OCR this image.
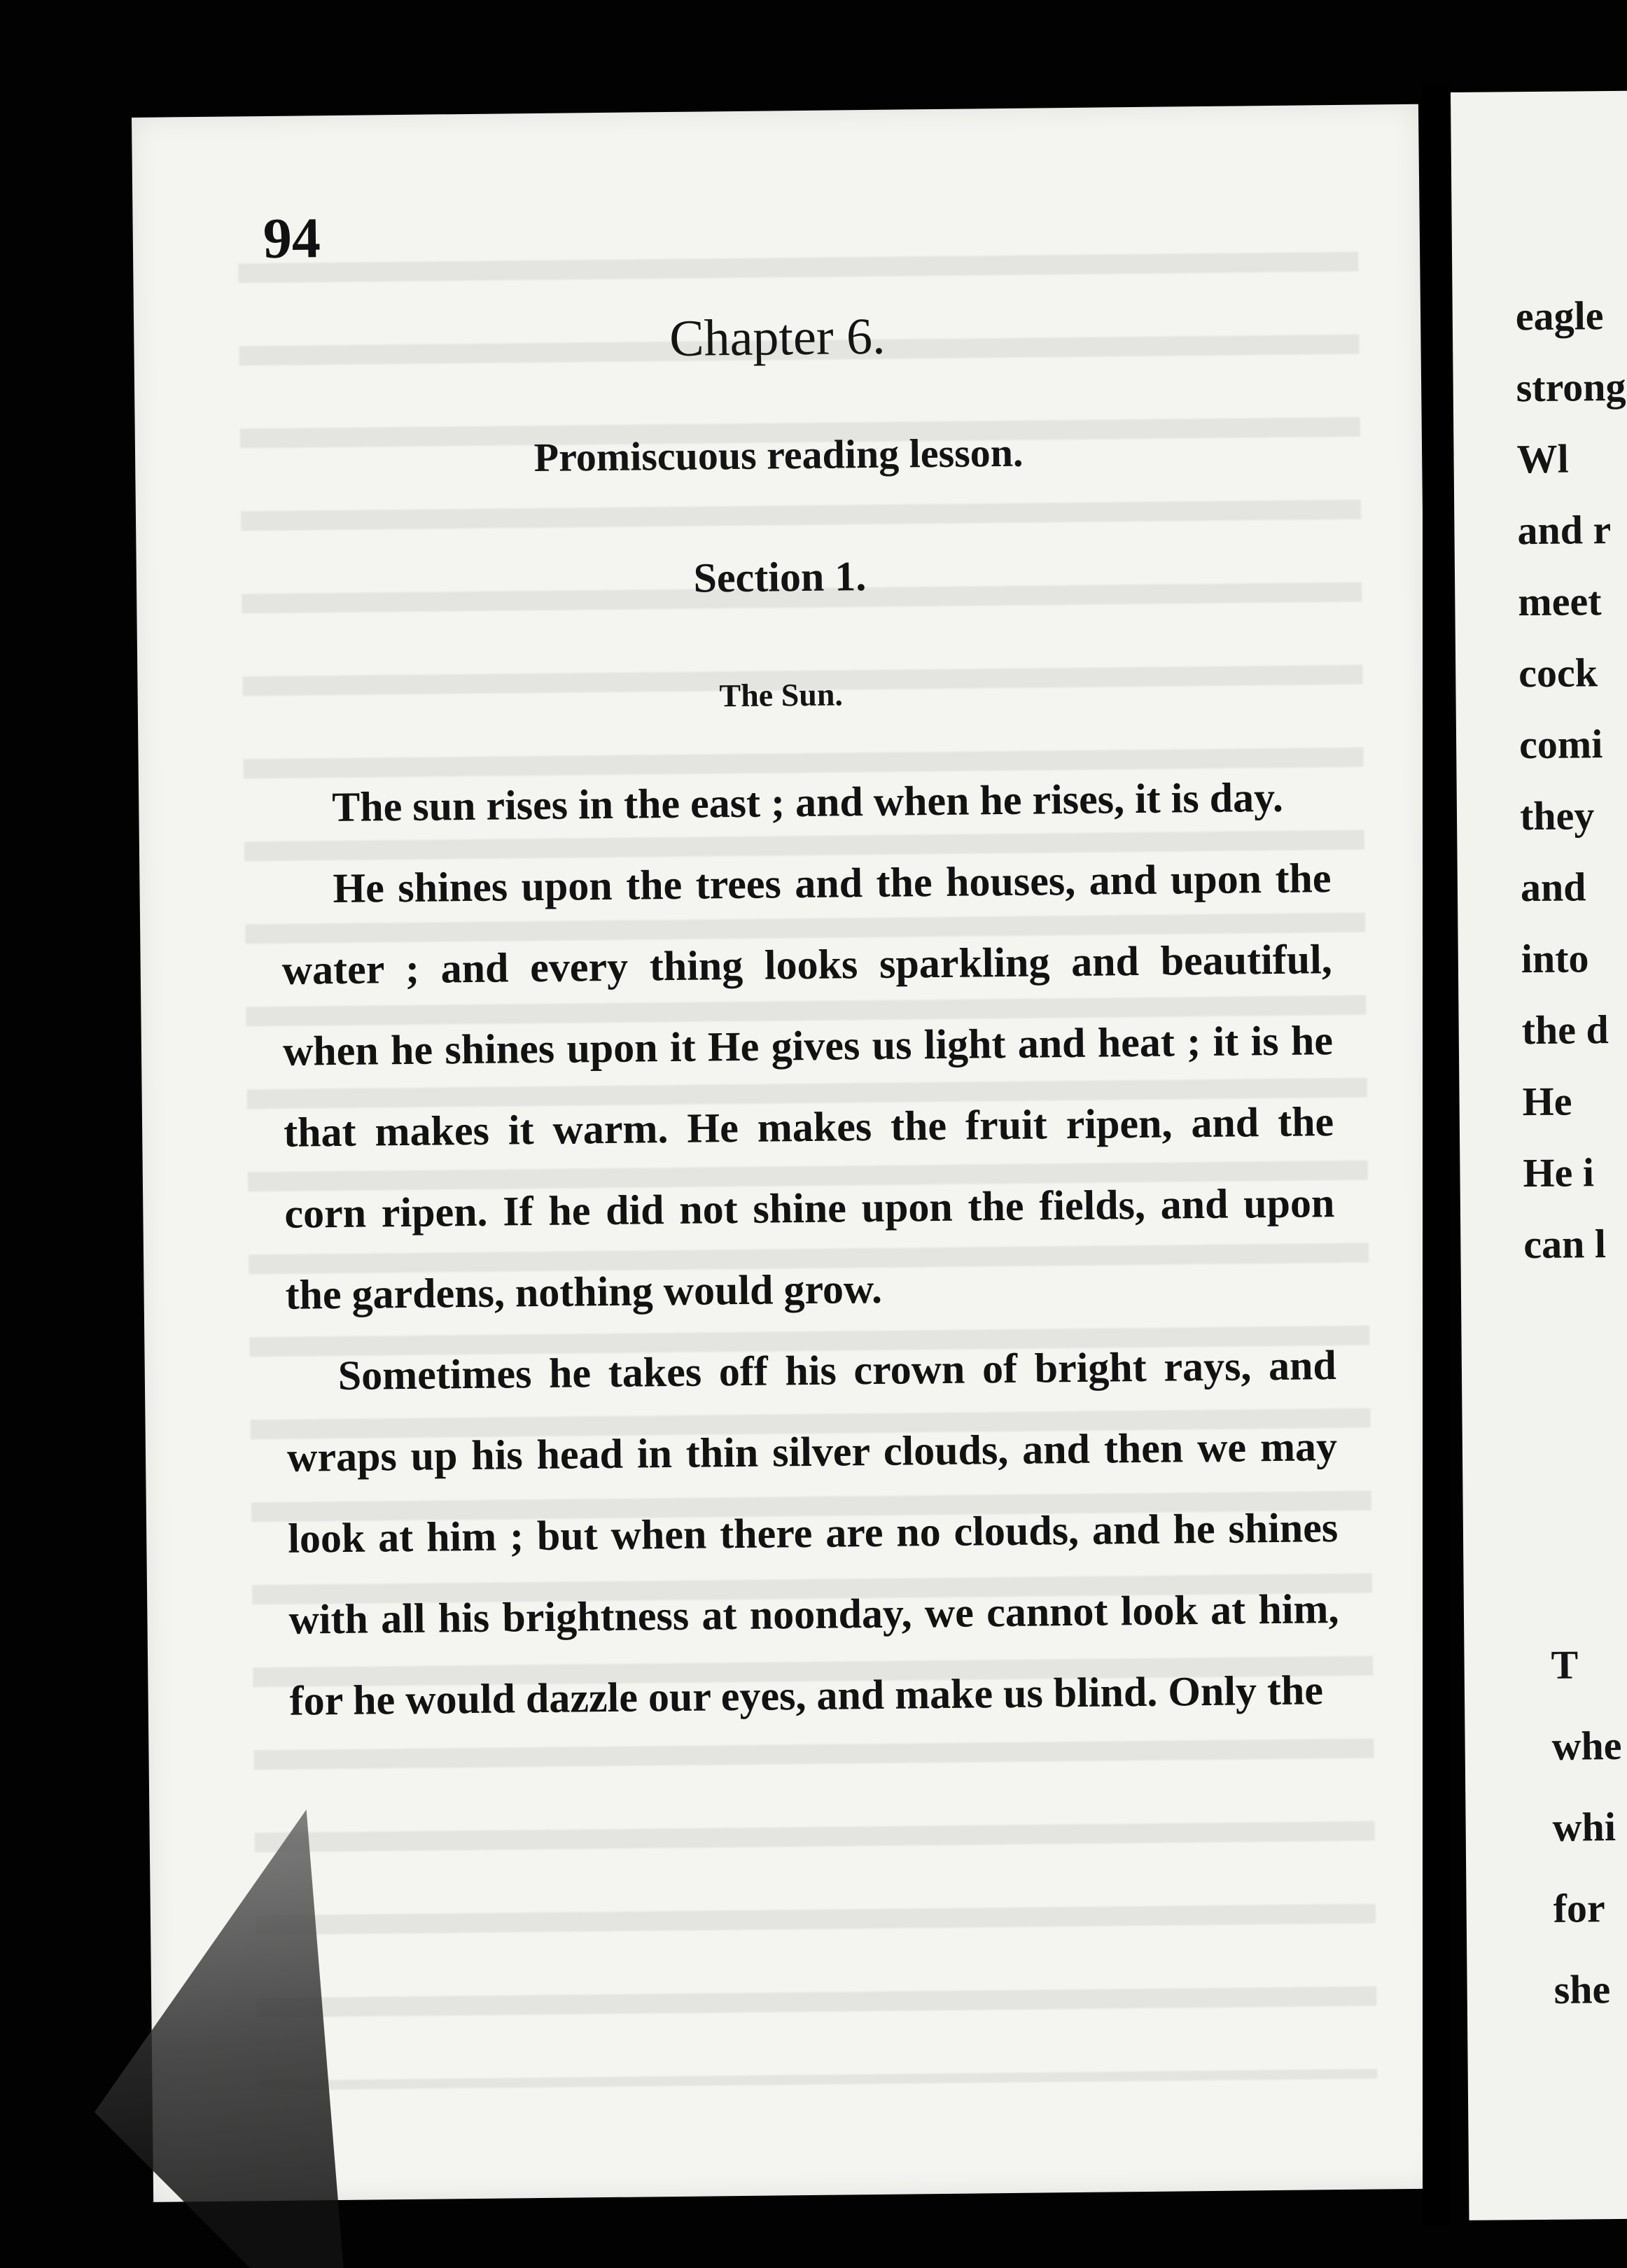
94
Chapter 6.
Promiscuous reading lesson.
Section 1.
The Sun.

The sun rises in the east ; and when he rises, it is day.

He shines upon the trees and the houses, and upon the water ; and every thing looks sparkling and beautiful, when he shines upon it He gives us light and heat ; it is he that makes it warm. He makes the fruit ripen, and the corn ripen. If he did not shine upon the fields, and upon the gardens, nothing would grow.

Sometimes he takes off his crown of bright rays, and wraps up his head in thin silver clouds, and then we may look at him ; but when there are no clouds, and he shines with all his brightness at noonday, we cannot look at him, for he would dazzle our eyes, and make us blind. Only the

eagle
strong
Wl
and r
meet
cock
comi
they
and
into
the d
He
He i
can l
T
whe
whi
for
she
